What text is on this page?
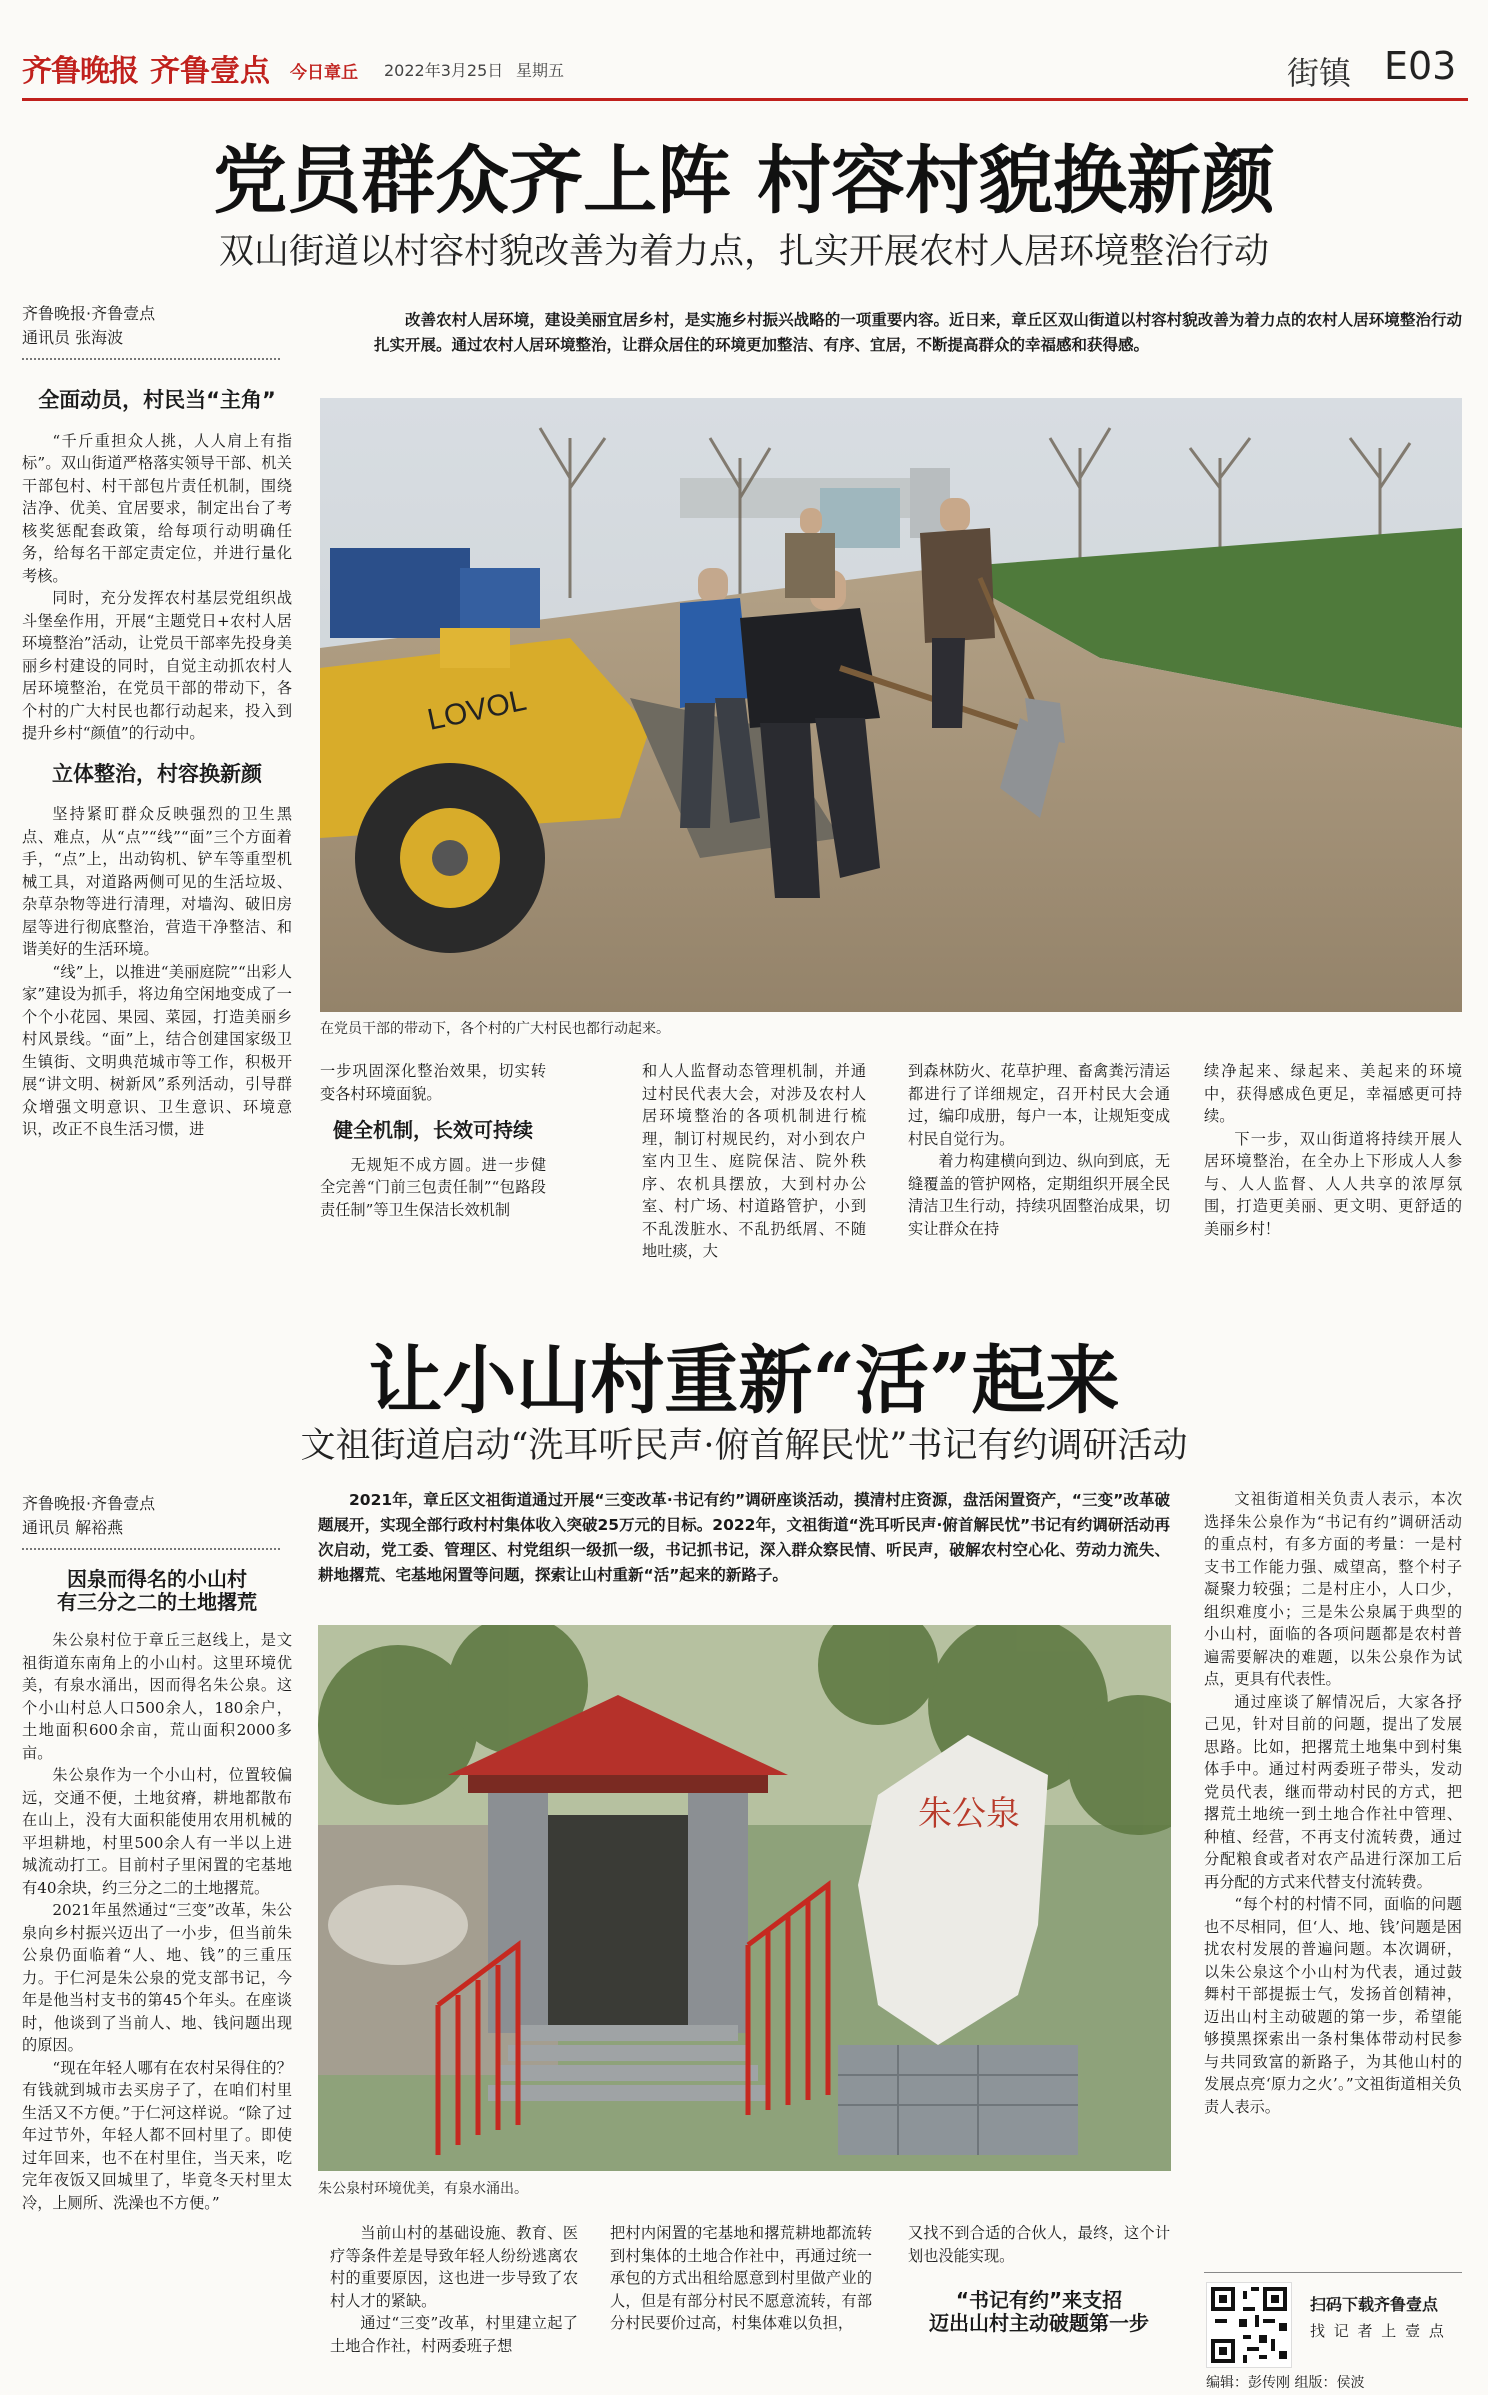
齐鲁晚报 齐鲁壹点 今日章丘 2022年3月25日 星期五	街镇 E03
党员群众齐上阵 村容村貌换新颜
双山街道以村容村貌改善为着力点，扎实开展农村人居环境整治行动
齐鲁晚报·齐鲁壹点
通讯员 张海波
改善农村人居环境，建设美丽宜居乡村，是实施乡村振兴战略的一项重要内容。近日来，章丘区双山街道以村容村貌改善为着力点的农村人居环境整治行动扎实开展。通过农村人居环境整治，让群众居住的环境更加整洁、有序、宜居，不断提高群众的幸福感和获得感。
全面动员，村民当“主角”

“千斤重担众人挑，人人肩上有指标”。双山街道严格落实领导干部、机关干部包村、村干部包片责任机制，围绕洁净、优美、宜居要求，制定出台了考核奖惩配套政策，给每项行动明确任务，给每名干部定责定位，并进行量化考核。

同时，充分发挥农村基层党组织战斗堡垒作用，开展“主题党日+农村人居环境整治”活动，让党员干部率先投身美丽乡村建设的同时，自觉主动抓农村人居环境整治，在党员干部的带动下，各个村的广大村民也都行动起来，投入到提升乡村“颜值”的行动中。

立体整治，村容换新颜

坚持紧盯群众反映强烈的卫生黑点、难点，从“点”“线”“面”三个方面着手，“点”上，出动钩机、铲车等重型机械工具，对道路两侧可见的生活垃圾、杂草杂物等进行清理，对墙沟、破旧房屋等进行彻底整治，营造干净整洁、和谐美好的生活环境。

“线”上，以推进“美丽庭院”“出彩人家”建设为抓手，将边角空闲地变成了一个个小花园、果园、菜园，打造美丽乡村风景线。“面”上，结合创建国家级卫生镇街、文明典范城市等工作，积极开展“讲文明、树新风”系列活动，引导群众增强文明意识、卫生意识、环境意识，改正不良生活习惯，进

LOVOL
在党员干部的带动下，各个村的广大村民也都行动起来。

一步巩固深化整治效果，切实转变各村环境面貌。

健全机制，长效可持续

无规矩不成方圆。进一步健全完善“门前三包责任制”“包路段责任制”等卫生保洁长效机制

和人人监督动态管理机制，并通过村民代表大会，对涉及农村人居环境整治的各项机制进行梳理，制订村规民约，对小到农户室内卫生、庭院保洁、院外秩序、农机具摆放，大到村办公室、村广场、村道路管护，小到不乱泼脏水、不乱扔纸屑、不随地吐痰，大

到森林防火、花草护理、畜禽粪污清运都进行了详细规定，召开村民大会通过，编印成册，每户一本，让规矩变成村民自觉行为。

着力构建横向到边、纵向到底，无缝覆盖的管护网格，定期组织开展全民清洁卫生行动，持续巩固整治成果，切实让群众在持

续净起来、绿起来、美起来的环境中，获得感成色更足，幸福感更可持续。

下一步，双山街道将持续开展人居环境整治，在全办上下形成人人参与、人人监督、人人共享的浓厚氛围，打造更美丽、更文明、更舒适的美丽乡村！

让小山村重新“活”起来
文祖街道启动“洗耳听民声·俯首解民忧”书记有约调研活动
齐鲁晚报·齐鲁壹点
通讯员 解裕燕
因泉而得名的小山村
有三分之二的土地撂荒

朱公泉村位于章丘三赵线上，是文祖街道东南角上的小山村。这里环境优美，有泉水涌出，因而得名朱公泉。这个小山村总人口500余人，180余户，土地面积600余亩，荒山面积2000多亩。

朱公泉作为一个小山村，位置较偏远，交通不便，土地贫瘠，耕地都散布在山上，没有大面积能使用农用机械的平坦耕地，村里500余人有一半以上进城流动打工。目前村子里闲置的宅基地有40余块，约三分之二的土地撂荒。

2021年虽然通过“三变”改革，朱公泉向乡村振兴迈出了一小步，但当前朱公泉仍面临着“人、地、钱”的三重压力。于仁河是朱公泉的党支部书记，今年是他当村支书的第45个年头。在座谈时，他谈到了当前人、地、钱问题出现的原因。

“现在年轻人哪有在农村呆得住的？有钱就到城市去买房子了，在咱们村里生活又不方便。”于仁河这样说。“除了过年过节外，年轻人都不回村里了。即使过年回来，也不在村里住，当天来，吃完年夜饭又回城里了，毕竟冬天村里太冷，上厕所、洗澡也不方便。”

2021年，章丘区文祖街道通过开展“三变改革·书记有约”调研座谈活动，摸清村庄资源，盘活闲置资产，“三变”改革破题展开，实现全部行政村村集体收入突破25万元的目标。2022年，文祖街道“洗耳听民声·俯首解民忧”书记有约调研活动再次启动，党工委、管理区、村党组织一级抓一级，书记抓书记，深入群众察民情、听民声，破解农村空心化、劳动力流失、耕地撂荒、宅基地闲置等问题，探索让山村重新“活”起来的新路子。
朱公泉
朱公泉村环境优美，有泉水涌出。

当前山村的基础设施、教育、医疗等条件差是导致年轻人纷纷逃离农村的重要原因，这也进一步导致了农村人才的紧缺。

通过“三变”改革，村里建立起了土地合作社，村两委班子想

把村内闲置的宅基地和撂荒耕地都流转到村集体的土地合作社中，再通过统一承包的方式出租给愿意到村里做产业的人，但是有部分村民不愿意流转，有部分村民要价过高，村集体难以负担，

又找不到合适的合伙人，最终，这个计划也没能实现。

“书记有约”来支招
迈出山村主动破题第一步

文祖街道相关负责人表示，本次选择朱公泉作为“书记有约”调研活动的重点村，有多方面的考量：一是村支书工作能力强、威望高，整个村子凝聚力较强；二是村庄小，人口少，组织难度小；三是朱公泉属于典型的小山村，面临的各项问题都是农村普遍需要解决的难题，以朱公泉作为试点，更具有代表性。

通过座谈了解情况后，大家各抒己见，针对目前的问题，提出了发展思路。比如，把撂荒土地集中到村集体手中。通过村两委班子带头，发动党员代表，继而带动村民的方式，把撂荒土地统一到土地合作社中管理、种植、经营，不再支付流转费，通过分配粮食或者对农产品进行深加工后再分配的方式来代替支付流转费。

“每个村的村情不同，面临的问题也不尽相同，但‘人、地、钱’问题是困扰农村发展的普遍问题。本次调研，以朱公泉这个小山村为代表，通过鼓舞村干部提振士气，发扬首创精神，迈出山村主动破题的第一步，希望能够摸黑探索出一条村集体带动村民参与共同致富的新路子，为其他山村的发展点亮‘原力之火’。”文祖街道相关负责人表示。

扫码下载齐鲁壹点
找 记 者 上 壹 点
编辑：彭传刚 组版：侯波
